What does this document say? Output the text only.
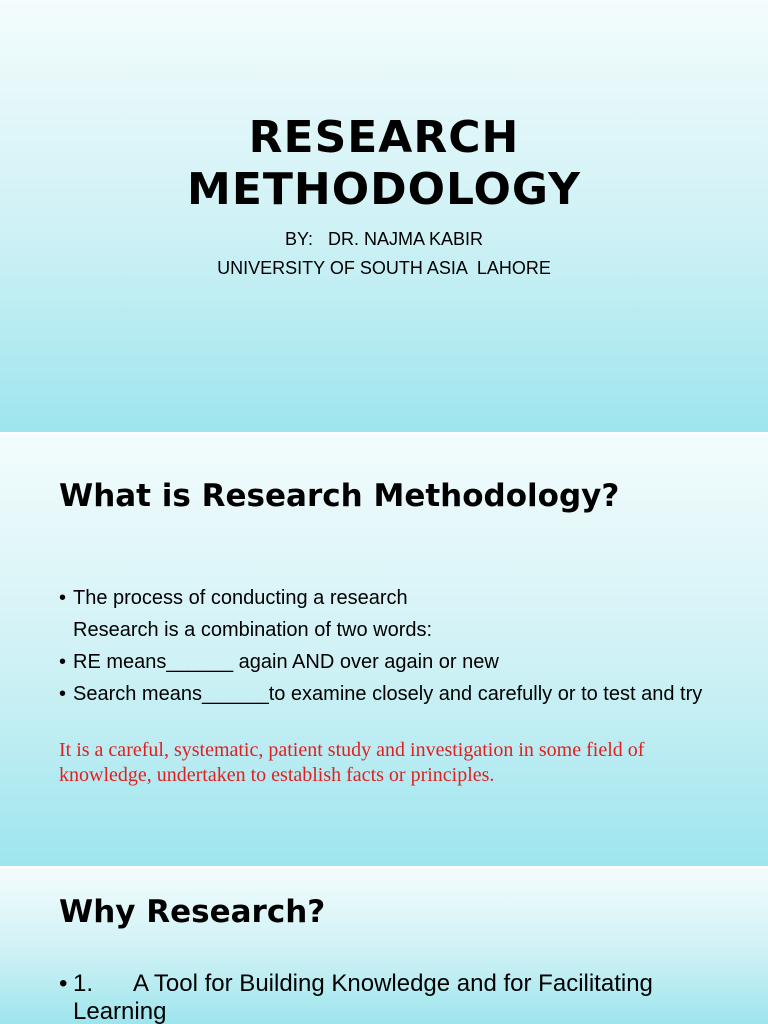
RESEARCH
METHODOLOGY
BY:   DR. NAJMA KABIR
UNIVERSITY OF SOUTH ASIA  LAHORE
What is Research Methodology?
• The process of conducting a research
Research is a combination of two words:
• RE means______ again AND over again or new
• Search means______to examine closely and carefully or to test and try
It is a careful, systematic, patient study and investigation in some field of knowledge, undertaken to establish facts or principles.
Why Research?
• 1. A Tool for Building Knowledge and for Facilitating Learning
